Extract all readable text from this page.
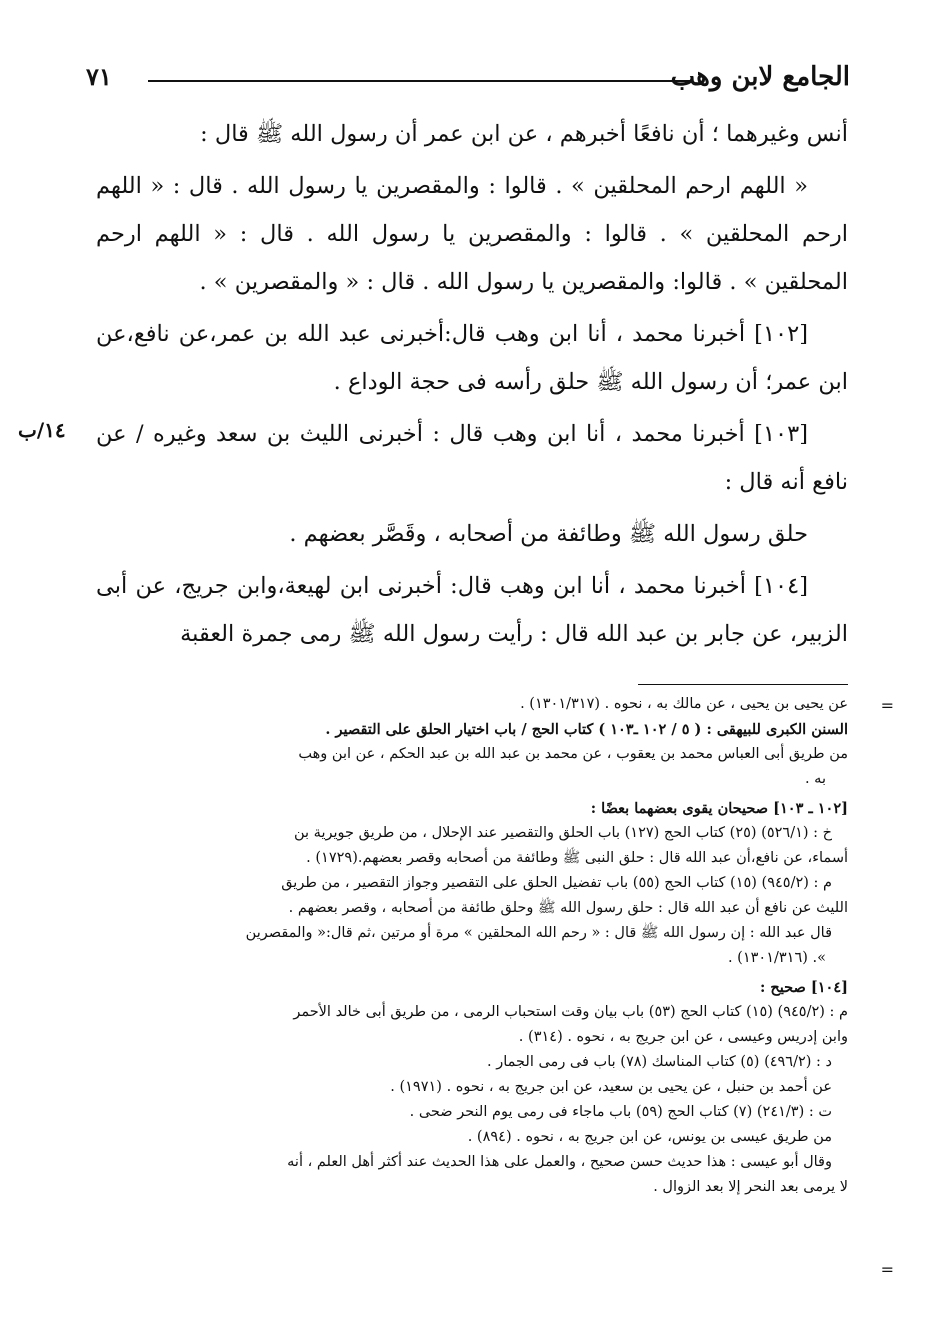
الجامع لابن وهب
٧١
١٤/ب

أنس وغيرهما ؛ أن نافعًا أخبرهم ، عن ابن عمر أن رسول الله ﷺ قال :

« اللهم ارحم المحلقين » . قالوا : والمقصرين يا رسول الله . قال : « اللهم ارحم المحلقين » . قالوا : والمقصرين يا رسول الله . قال : « اللهم ارحم المحلقين » . قالوا: والمقصرين يا رسول الله . قال : « والمقصرين » .

[١٠٢] أخبرنا محمد ، أنا ابن وهب قال:أخبرنى عبد الله بن عمر،عن نافع،عن ابن عمر؛ أن رسول الله ﷺ حلق رأسه فى حجة الوداع .

[١٠٣] أخبرنا محمد ، أنا ابن وهب قال : أخبرنى الليث بن سعد وغيره / عن نافع أنه قال :

حلق رسول الله ﷺ وطائفة من أصحابه ، وقَصَّر بعضهم .

[١٠٤] أخبرنا محمد ، أنا ابن وهب قال: أخبرنى ابن لهيعة،وابن جريج، عن أبى الزبير، عن جابر بن عبد الله قال : رأيت رسول الله ﷺ رمى جمرة العقبة

=
عن يحيى بن يحيى ، عن مالك به ، نحوه . (١٣٠١/٣١٧) .
السنن الكبرى للبيهقى : ( ٥ / ١٠٢ ـ١٠٣ ) كتاب الحج / باب اختيار الحلق على التقصير .
من طريق أبى العباس محمد بن يعقوب ، عن محمد بن عبد الله بن عبد الحكم ، عن ابن وهب
به .
[١٠٢ ـ ١٠٣] صحيحان يقوى بعضهما بعضًا :
خ : (٥٢٦/١) (٢٥) كتاب الحج (١٢٧) باب الحلق والتقصير عند الإحلال ، من طريق جويرية بن
أسماء، عن نافع،أن عبد الله قال : حلق النبى ﷺ وطائفة من أصحابه وقصر بعضهم.(١٧٢٩) .
م : (٩٤٥/٢) (١٥) كتاب الحج (٥٥) باب تفضيل الحلق على التقصير وجواز التقصير ، من طريق
الليث عن نافع أن عبد الله قال : حلق رسول الله ﷺ وحلق طائفة من أصحابه ، وقصر بعضهم .
قال عبد الله : إن رسول الله ﷺ قال : « رحم الله المحلقين » مرة أو مرتين ،ثم قال:« والمقصرين
». (١٣٠١/٣١٦) .
[١٠٤] صحيح :
م : (٩٤٥/٢) (١٥) كتاب الحج (٥٣) باب بيان وقت استحباب الرمى ، من طريق أبى خالد الأحمر
وابن إدريس وعيسى ، عن ابن جريج به ، نحوه . (٣١٤) .
د : (٤٩٦/٢) (٥) كتاب المناسك (٧٨) باب فى رمى الجمار .
عن أحمد بن حنبل ، عن يحيى بن سعيد، عن ابن جريج به ، نحوه . (١٩٧١) .
ت : (٢٤١/٣) (٧) كتاب الحج (٥٩) باب ماجاء فى رمى يوم النحر ضحى .
من طريق عيسى بن يونس، عن ابن جريج به ، نحوه . (٨٩٤) .
وقال أبو عيسى : هذا حديث حسن صحيح ، والعمل على هذا الحديث عند أكثر أهل العلم ، أنه
لا يرمى بعد النحر إلا بعد الزوال .
=
